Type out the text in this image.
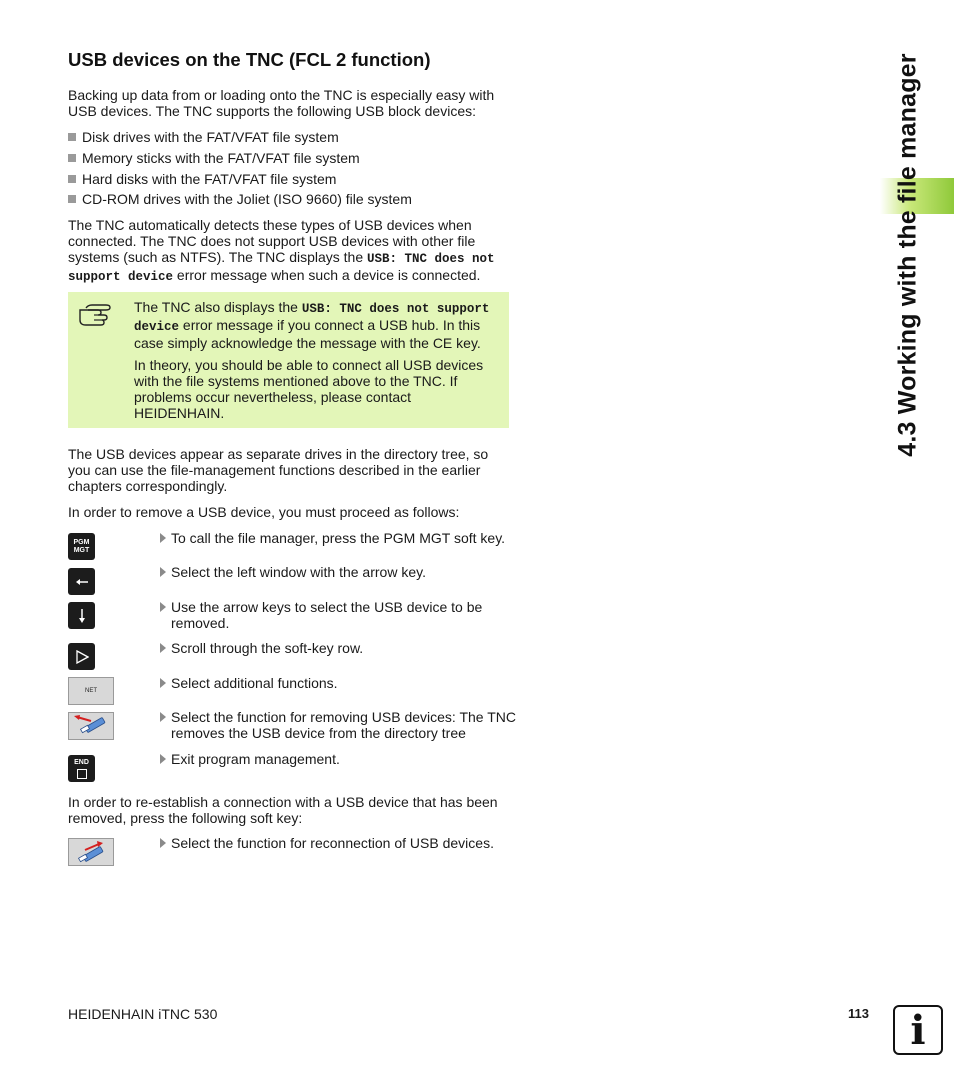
4.3 Working with the file manager
USB devices on the TNC (FCL 2 function)

Backing up data from or loading onto the TNC is especially easy with USB devices. The TNC supports the following USB block devices:

Disk drives with the FAT/VFAT file system
Memory sticks with the FAT/VFAT file system
Hard disks with the FAT/VFAT file system
CD-ROM drives with the Joliet (ISO 9660) file system

The TNC automatically detects these types of USB devices when connected. The TNC does not support USB devices with other file systems (such as NTFS). The TNC displays the USB: TNC does not support device error message when such a device is connected.

The TNC also displays the USB: TNC does not support device error message if you connect a USB hub. In this case simply acknowledge the message with the CE key.

In theory, you should be able to connect all USB devices with the file systems mentioned above to the TNC. If problems occur nevertheless, please contact HEIDENHAIN.

The USB devices appear as separate drives in the directory tree, so you can use the file-management functions described in the earlier chapters correspondingly.

In order to remove a USB device, you must proceed as follows:

PGM MGT
To call the file manager, press the PGM MGT soft key.
Select the left window with the arrow key.
Use the arrow keys to select the USB device to be removed.
Scroll through the soft-key row.
NET	Select additional functions.
Select the function for removing USB devices: The TNC removes the USB device from the directory tree
END	Exit program management.

In order to re-establish a connection with a USB device that has been removed, press the following soft key:

Select the function for reconnection of USB devices.
HEIDENHAIN iTNC 530	113	i
